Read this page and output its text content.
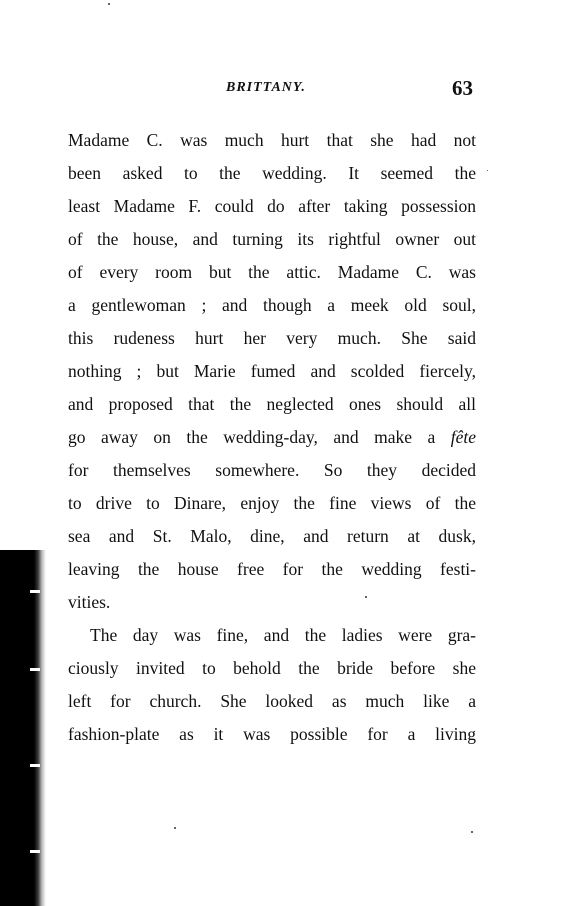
BRITTANY.	63
Madame C. was much hurt that she had not
been asked to the wedding. It seemed the
least Madame F. could do after taking possession
of the house, and turning its rightful owner out
of every room but the attic. Madame C. was
a gentlewoman ; and though a meek old soul,
this rudeness hurt her very much. She said
nothing ; but Marie fumed and scolded fiercely,
and proposed that the neglected ones should all
go away on the wedding-day, and make a fête
for themselves somewhere. So they decided
to drive to Dinare, enjoy the fine views of the
sea and St. Malo, dine, and return at dusk,
leaving the house free for the wedding festi-
vities.
The day was fine, and the ladies were gra-
ciously invited to behold the bride before she
left for church. She looked as much like a
fashion-plate as it was possible for a living
